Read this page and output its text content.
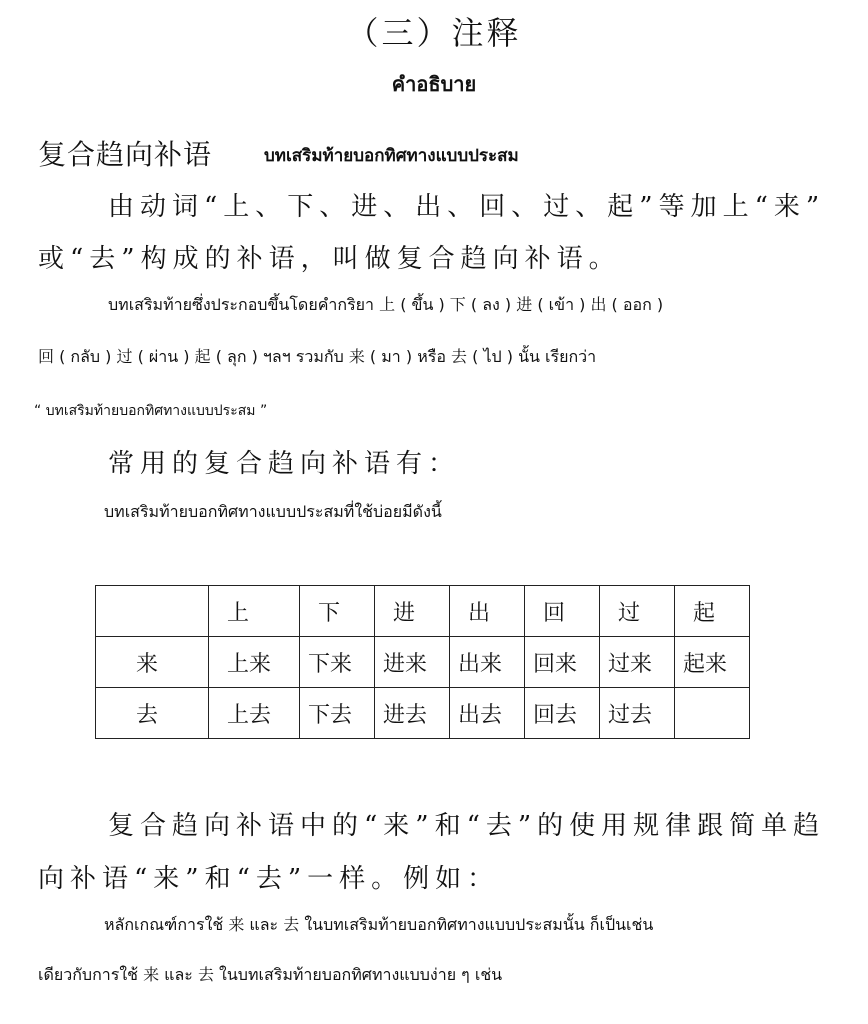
（三）注释
คำอธิบาย
复合趋向补语	บทเสริมท้ายบอกทิศทางแบบประสม
由动词“上、下、进、出、回、过、起”等加上“来”
或“去”构成的补语，叫做复合趋向补语。
บทเสริมท้ายซึ่งประกอบขึ้นโดยคำกริยา 上 ( ขึ้น ) 下 ( ลง ) 进 ( เข้า ) 出 ( ออก )
回 ( กลับ ) 过 ( ผ่าน ) 起 ( ลุก ) ฯลฯ รวมกับ 来 ( มา ) หรือ 去 ( ไป ) นั้น เรียกว่า
“ บทเสริมท้ายบอกทิศทางแบบประสม ”
常用的复合趋向补语有：
บทเสริมท้ายบอกทิศทางแบบประสมที่ใช้บ่อยมีดังนี้
	上	下	进	出	回	过	起
来	上来	下来	进来	出来	回来	过来	起来
去	上去	下去	进去	出去	回去	过去	
复合趋向补语中的“来”和“去”的使用规律跟简单趋
向补语“来”和“去”一样。例如：
หลักเกณฑ์การใช้ 来 และ 去 ในบทเสริมท้ายบอกทิศทางแบบประสมนั้น ก็เป็นเช่น
เดียวกับการใช้ 来 และ 去 ในบทเสริมท้ายบอกทิศทางแบบง่าย ๆ เช่น
